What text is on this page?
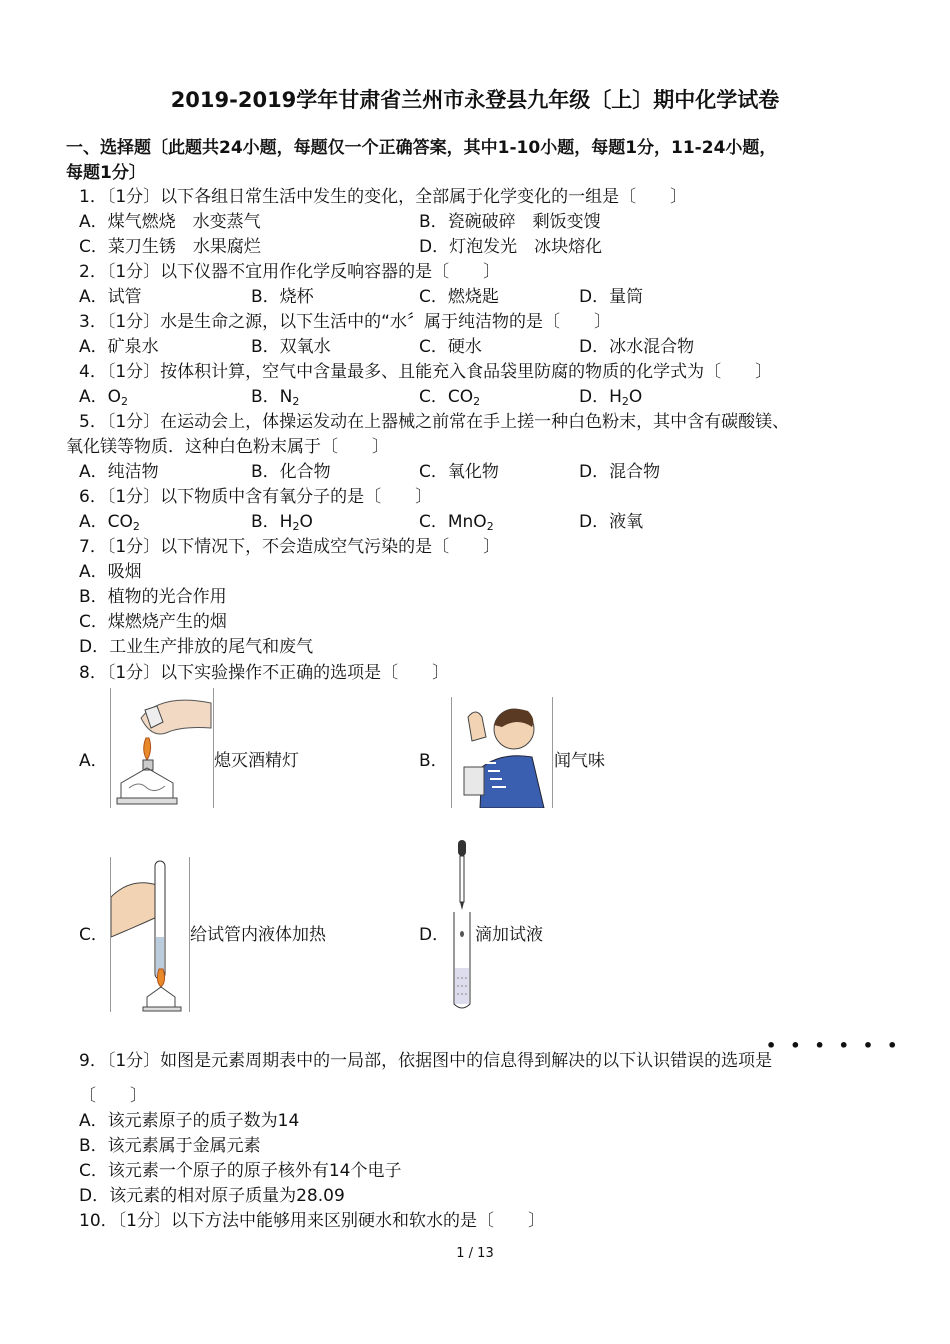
2019-2019学年甘肃省兰州市永登县九年级〔上〕期中化学试卷
一、选择题〔此题共24小题，每题仅一个正确答案，其中1-10小题，每题1分，11-24小题，
每题1分〕
1．〔1分〕以下各组日常生活中发生的变化，全部属于化学变化的一组是〔　　〕
A．煤气燃烧　水变蒸气	B．瓷碗破碎　剩饭变馊
C．菜刀生锈　水果腐烂	D．灯泡发光　冰块熔化
2．〔1分〕以下仪器不宜用作化学反响容器的是〔　　〕
A．试管	B．烧杯	C．燃烧匙	D．量筒
3．〔1分〕水是生命之源，以下生活中的“水〞属于纯洁物的是〔　　〕
A．矿泉水	B．双氧水	C．硬水	D．冰水混合物
4．〔1分〕按体积计算，空气中含量最多、且能充入食品袋里防腐的物质的化学式为〔　　〕
A．$O_2$	B．$N_2$	C．$CO_2$	D．$H_2O$
5．〔1分〕在运动会上，体操运发动在上器械之前常在手上搓一种白色粉末，其中含有碳酸镁、
氧化镁等物质．这种白色粉末属于〔　　〕
A．纯洁物	B．化合物	C．氧化物	D．混合物
6．〔1分〕以下物质中含有氧分子的是〔　　〕
A．$CO_2$	B．$H_2O$	C．MnO$_2$	D．液氧
7．〔1分〕以下情况下，不会造成空气污染的是〔　　〕
A．吸烟
B．植物的光合作用
C．煤燃烧产生的烟
D．工业生产排放的尾气和废气
8．〔1分〕以下实验操作不正确的选项是〔　　〕
A．	熄灭酒精灯	B．	闻气味
C．	给试管内液体加热	D． 滴加试液
••••••
9．〔1分〕如图是元素周期表中的一局部，依据图中的信息得到解决的以下认识错误的选项是
〔　　〕
A．该元素原子的质子数为14
B．该元素属于金属元素
C．该元素一个原子的原子核外有14个电子
D．该元素的相对原子质量为28.09
10．〔1分〕以下方法中能够用来区别硬水和软水的是〔　　〕
1 / 13
